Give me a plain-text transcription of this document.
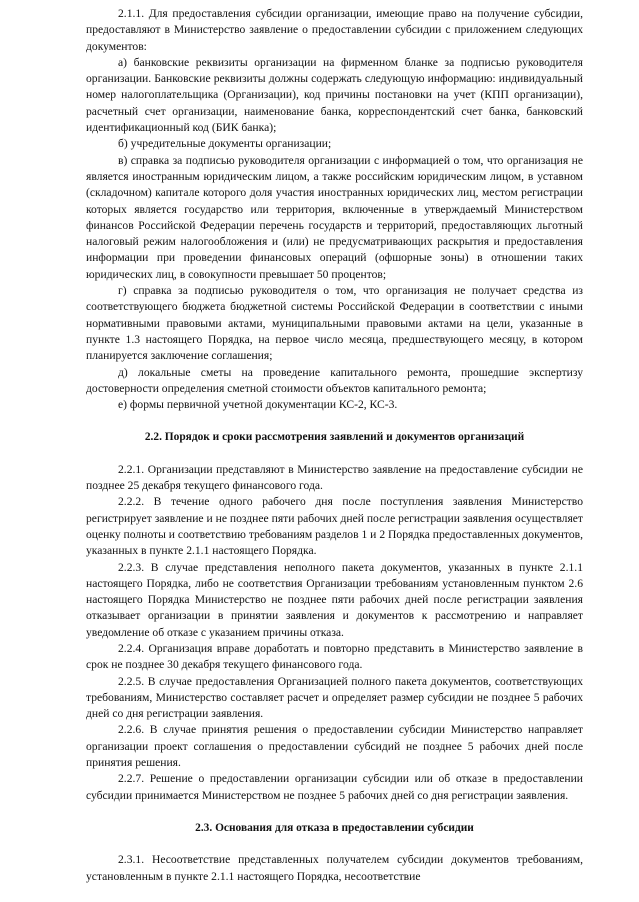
2.1.1. Для предоставления субсидии организации, имеющие право на получение субсидии, предоставляют в Министерство заявление о предоставлении субсидии с приложением следующих документов:

а) банковские реквизиты организации на фирменном бланке за подписью руководителя организации. Банковские реквизиты должны содержать следующую информацию: индивидуальный номер налогоплательщика (Организации), код причины постановки на учет (КПП организации), расчетный счет организации, наименование банка, корреспондентский счет банка, банковский идентификационный код (БИК банка);

б) учредительные документы организации;

в) справка за подписью руководителя организации с информацией о том, что организация не является иностранным юридическим лицом, а также российским юридическим лицом, в уставном (складочном) капитале которого доля участия иностранных юридических лиц, местом регистрации которых является государство или территория, включенные в утверждаемый Министерством финансов Российской Федерации перечень государств и территорий, предоставляющих льготный налоговый режим налогообложения и (или) не предусматривающих раскрытия и предоставления информации при проведении финансовых операций (офшорные зоны) в отношении таких юридических лиц, в совокупности превышает 50 процентов;

г) справка за подписью руководителя о том, что организация не получает средства из соответствующего бюджета бюджетной системы Российской Федерации в соответствии с иными нормативными правовыми актами, муниципальными правовыми актами на цели, указанные в пункте 1.3 настоящего Порядка, на первое число месяца, предшествующего месяцу, в котором планируется заключение соглашения;

д) локальные сметы на проведение капитального ремонта, прошедшие экспертизу достоверности определения сметной стоимости объектов капитального ремонта;

е) формы первичной учетной документации КС-2, КС-3.

2.2. Порядок и сроки рассмотрения заявлений и документов организаций

2.2.1. Организации представляют в Министерство заявление на предоставление субсидии не позднее 25 декабря текущего финансового года.

2.2.2. В течение одного рабочего дня после поступления заявления Министерство регистрирует заявление и не позднее пяти рабочих дней после регистрации заявления осуществляет оценку полноты и соответствию требованиям разделов 1 и 2 Порядка предоставленных документов, указанных в пункте 2.1.1 настоящего Порядка.

2.2.3. В случае представления неполного пакета документов, указанных в пункте 2.1.1 настоящего Порядка, либо не соответствия Организации требованиям установленным пунктом 2.6 настоящего Порядка Министерство не позднее пяти рабочих дней после регистрации заявления отказывает организации в принятии заявления и документов к рассмотрению и направляет уведомление об отказе с указанием причины отказа.

2.2.4. Организация вправе доработать и повторно представить в Министерство заявление в срок не позднее 30 декабря текущего финансового года.

2.2.5. В случае предоставления Организацией полного пакета документов, соответствующих требованиям, Министерство составляет расчет и определяет размер субсидии не позднее 5 рабочих дней со дня регистрации заявления.

2.2.6. В случае принятия решения о предоставлении субсидии Министерство направляет организации проект соглашения о предоставлении субсидий не позднее 5 рабочих дней после принятия решения.

2.2.7. Решение о предоставлении организации субсидии или об отказе в предоставлении субсидии принимается Министерством не позднее 5 рабочих дней со дня регистрации заявления.

2.3. Основания для отказа в предоставлении субсидии

2.3.1. Несоответствие представленных получателем субсидии документов требованиям, установленным в пункте 2.1.1 настоящего Порядка, несоответствие
